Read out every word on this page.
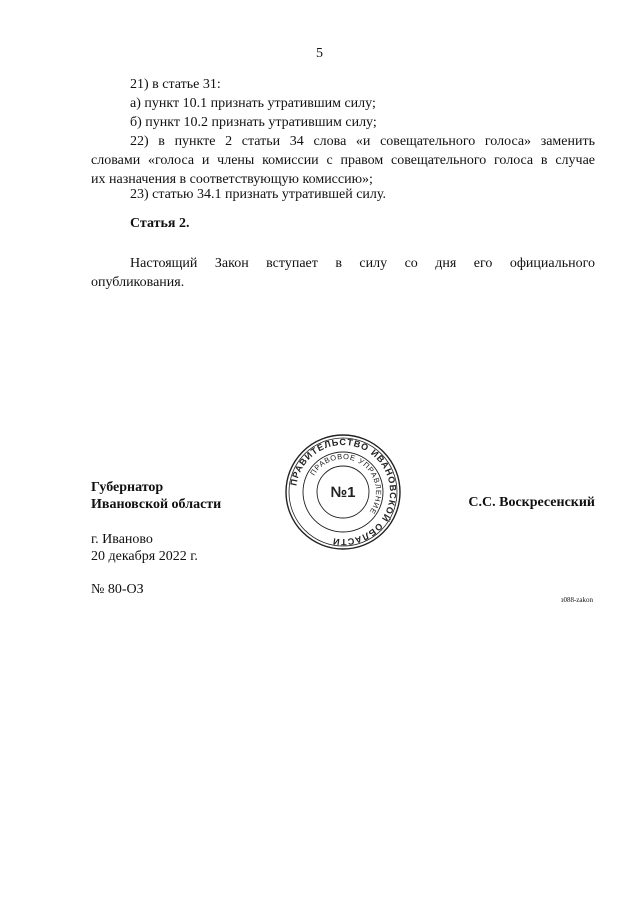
5
21) в статье 31:
а) пункт 10.1 признать утратившим силу;
б) пункт 10.2 признать утратившим силу;
22) в пункте 2 статьи 34 слова «и совещательного голоса» заменить
словами «голоса и члены комиссии с правом совещательного голоса в случае
их назначения в соответствующую комиссию»;
23) статью 34.1 признать утратившей силу.
Статья 2.
Настоящий Закон вступает в силу со дня его официального
опубликования.
Губернатор
Ивановской области
ПРАВИТЕЛЬСТВО ИВАНОВСКОЙ ОБЛАСТИ
ПРАВОВОЕ УПРАВЛЕНИЕ
№1
С.С. Воскресенский
г. Иваново
20 декабря 2022 г.
№ 80-ОЗ
з088-zakon
